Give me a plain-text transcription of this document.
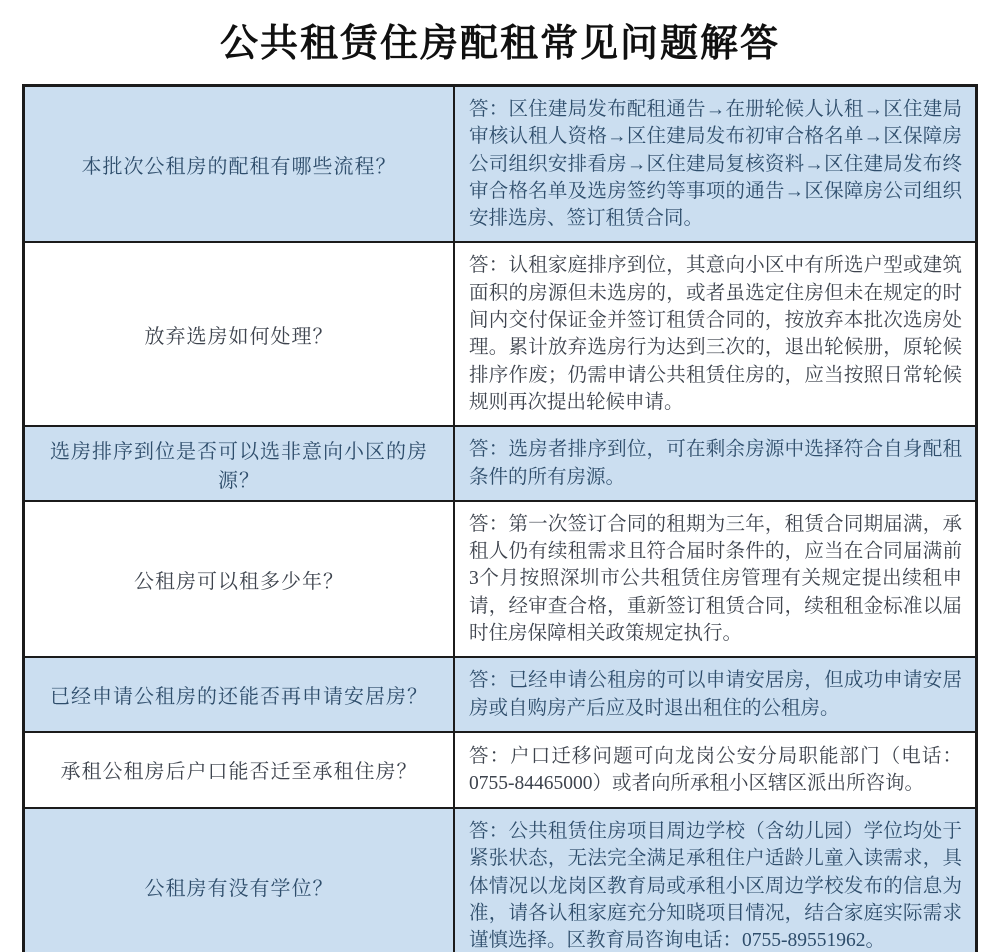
公共租赁住房配租常见问题解答
本批次公租房的配租有哪些流程？
答：区住建局发布配租通告→在册轮候人认租→区住建局审核认租人资格→区住建局发布初审合格名单→区保障房公司组织安排看房→区住建局复核资料→区住建局发布终审合格名单及选房签约等事项的通告→区保障房公司组织安排选房、签订租赁合同。
放弃选房如何处理？
答：认租家庭排序到位，其意向小区中有所选户型或建筑面积的房源但未选房的，或者虽选定住房但未在规定的时间内交付保证金并签订租赁合同的，按放弃本批次选房处理。累计放弃选房行为达到三次的，退出轮候册，原轮候排序作废；仍需申请公共租赁住房的，应当按照日常轮候规则再次提出轮候申请。
选房排序到位是否可以选非意向小区的房源？
答：选房者排序到位，可在剩余房源中选择符合自身配租条件的所有房源。
公租房可以租多少年？
答：第一次签订合同的租期为三年，租赁合同期届满，承租人仍有续租需求且符合届时条件的，应当在合同届满前3个月按照深圳市公共租赁住房管理有关规定提出续租申请，经审查合格，重新签订租赁合同，续租租金标准以届时住房保障相关政策规定执行。
已经申请公租房的还能否再申请安居房？
答：已经申请公租房的可以申请安居房，但成功申请安居房或自购房产后应及时退出租住的公租房。
承租公租房后户口能否迁至承租住房？
答：户口迁移问题可向龙岗公安分局职能部门（电话：0755-84465000）或者向所承租小区辖区派出所咨询。
公租房有没有学位？
答：公共租赁住房项目周边学校（含幼儿园）学位均处于紧张状态，无法完全满足承租住户适龄儿童入读需求，具体情况以龙岗区教育局或承租小区周边学校发布的信息为准，请各认租家庭充分知晓项目情况，结合家庭实际需求谨慎选择。区教育局咨询电话：0755-89551962。
